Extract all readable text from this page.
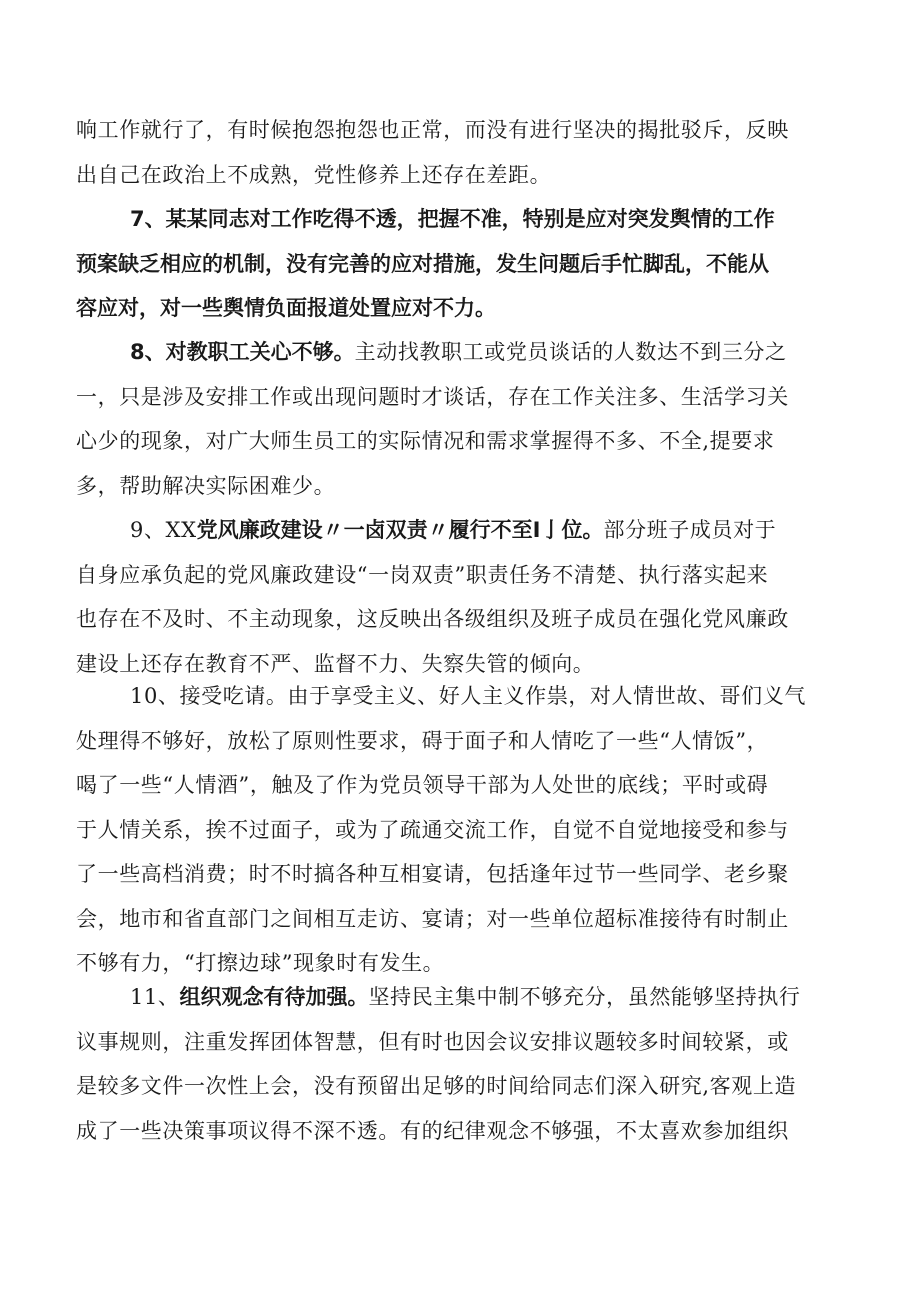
响工作就行了，有时候抱怨抱怨也正常，而没有进行坚决的揭批驳斥，反映
出自己在政治上不成熟，党性修养上还存在差距。
7、某某同志对工作吃得不透，把握不准，特别是应对突发舆情的工作
预案缺乏相应的机制，没有完善的应对措施，发生问题后手忙脚乱，不能从
容应对，对一些舆情负面报道处置应对不力。
8、对教职工关心不够。主动找教职工或党员谈话的人数达不到三分之
一，只是涉及安排工作或出现问题时才谈话，存在工作关注多、生活学习关
心少的现象，对广大师生员工的实际情况和需求掌握得不多、不全,提要求
多，帮助解决实际困难少。
9、XX党风廉政建设〃一卤双责〃履行不至I亅位。部分班子成员对于
自身应承负起的党风廉政建设“一岗双责”职责任务不清楚、执行落实起来
也存在不及时、不主动现象，这反映出各级组织及班子成员在强化党风廉政
建设上还存在教育不严、监督不力、失察失管的倾向。
10、接受吃请。由于享受主义、好人主义作祟，对人情世故、哥们义气
处理得不够好，放松了原则性要求，碍于面子和人情吃了一些“人情饭”，
喝了一些“人情酒”，触及了作为党员领导干部为人处世的底线；平时或碍
于人情关系，挨不过面子，或为了疏通交流工作，自觉不自觉地接受和参与
了一些高档消费；时不时搞各种互相宴请，包括逢年过节一些同学、老乡聚
会，地市和省直部门之间相互走访、宴请；对一些单位超标准接待有时制止
不够有力，“打擦边球”现象时有发生。
11、组织观念有待加强。坚持民主集中制不够充分，虽然能够坚持执行
议事规则，注重发挥团体智慧，但有时也因会议安排议题较多时间较紧，或
是较多文件一次性上会，没有预留出足够的时间给同志们深入研究,客观上造
成了一些决策事项议得不深不透。有的纪律观念不够强，不太喜欢参加组织
